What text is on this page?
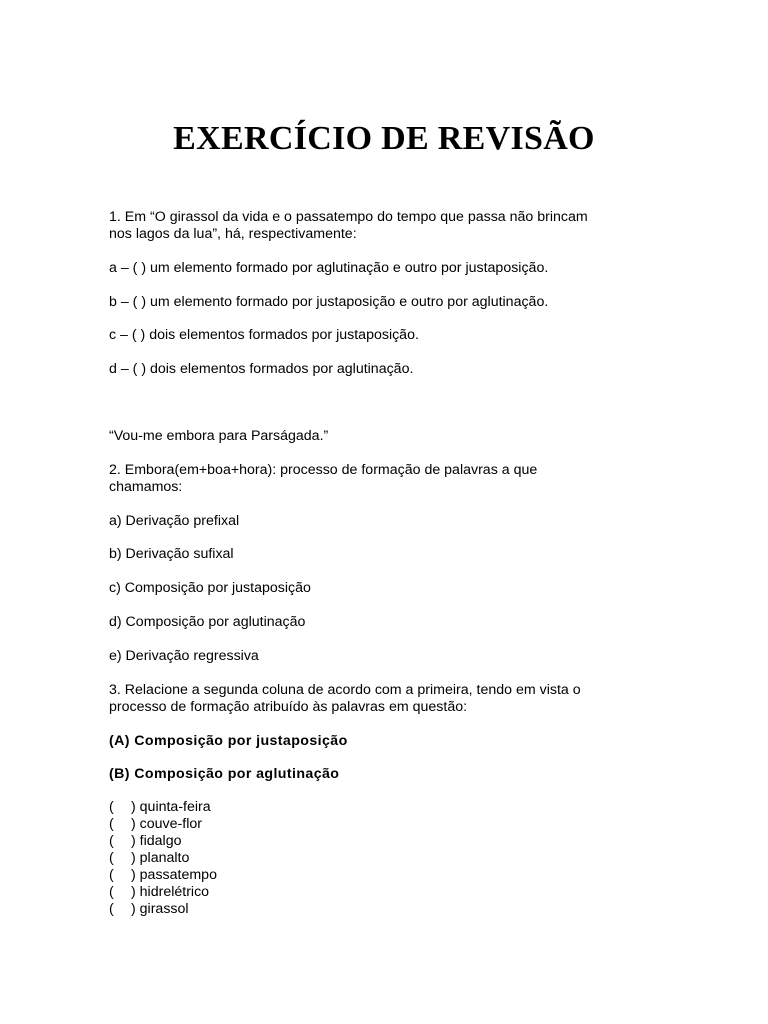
EXERCÍCIO DE REVISÃO

1. Em “O girassol da vida e o passatempo do tempo que passa não brincam

nos lagos da lua”, há, respectivamente:

a – ( ) um elemento formado por aglutinação e outro por justaposição.

b – ( ) um elemento formado por justaposição e outro por aglutinação.

c – ( ) dois elementos formados por justaposição.

d – ( ) dois elementos formados por aglutinação.

“Vou-me embora para Parságada.”

2. Embora(em+boa+hora): processo de formação de palavras a que

chamamos:

a) Derivação prefixal

b) Derivação sufixal

c) Composição por justaposição

d) Composição por aglutinação

e) Derivação regressiva

3. Relacione a segunda coluna de acordo com a primeira, tendo em vista o

processo de formação atribuído às palavras em questão:

(A) Composição por justaposição

(B) Composição por aglutinação

( ) quinta-feira
( ) couve-flor
( ) fidalgo
( ) planalto
( ) passatempo
( ) hidrelétrico
( ) girassol
